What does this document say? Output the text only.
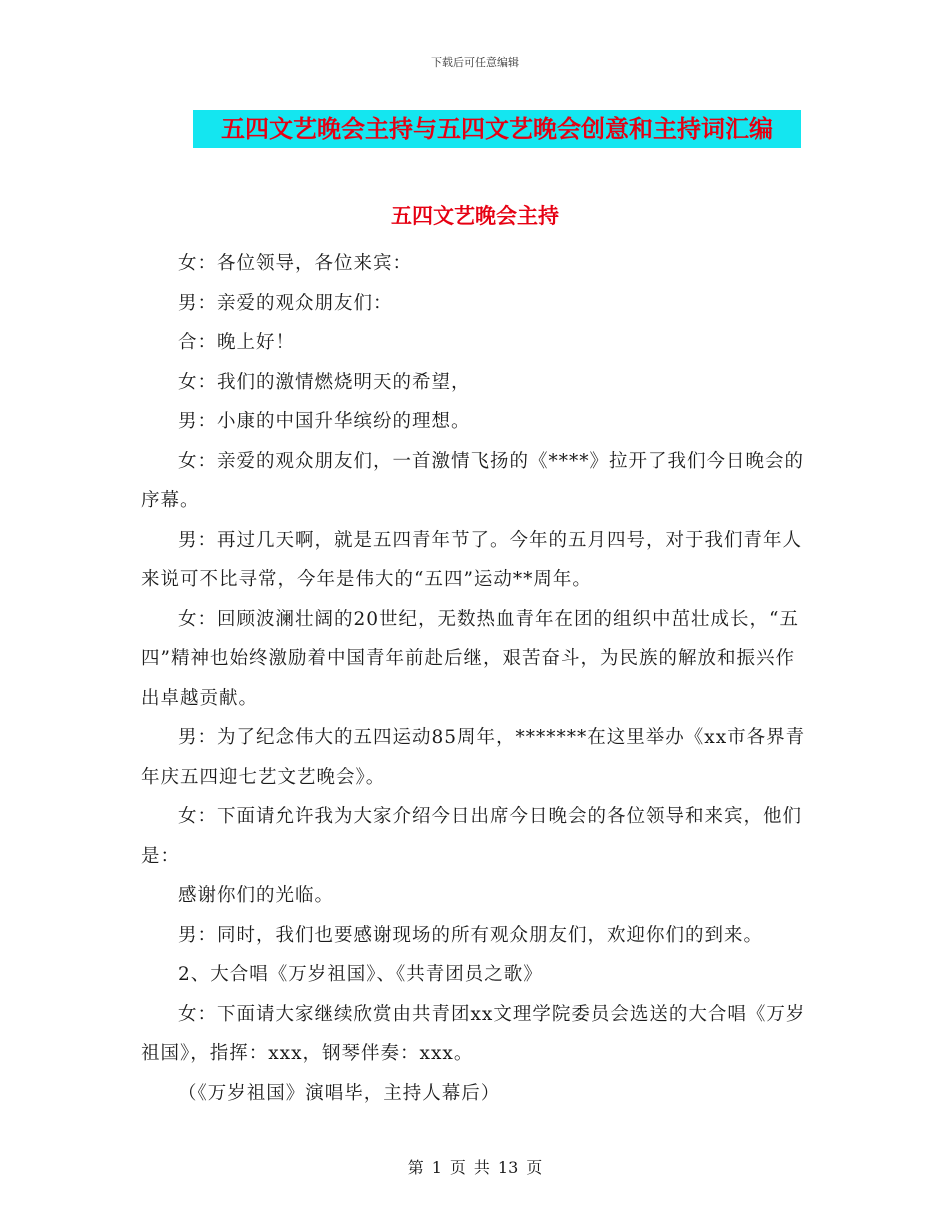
下载后可任意编辑
五四文艺晚会主持与五四文艺晚会创意和主持词汇编
五四文艺晚会主持

女：各位领导，各位来宾：

男：亲爱的观众朋友们：

合：晚上好！

女：我们的激情燃烧明天的希望，

男：小康的中国升华缤纷的理想。

女：亲爱的观众朋友们，一首激情飞扬的《****》拉开了我们今日晚会的序幕。

男：再过几天啊，就是五四青年节了。今年的五月四号，对于我们青年人来说可不比寻常，今年是伟大的“五四”运动**周年。

女：回顾波澜壮阔的20世纪，无数热血青年在团的组织中茁壮成长，“五四”精神也始终激励着中国青年前赴后继，艰苦奋斗，为民族的解放和振兴作出卓越贡献。

男：为了纪念伟大的五四运动85周年，*******在这里举办《xx市各界青年庆五四迎七艺文艺晚会》。

女：下面请允许我为大家介绍今日出席今日晚会的各位领导和来宾，他们是：

感谢你们的光临。

男：同时，我们也要感谢现场的所有观众朋友们，欢迎你们的到来。

2、大合唱《万岁祖国》、《共青团员之歌》

女：下面请大家继续欣赏由共青团xx文理学院委员会选送的大合唱《万岁祖国》，指挥：xxx，钢琴伴奏：xxx。

（《万岁祖国》演唱毕，主持人幕后）

第 1 页 共 13 页
